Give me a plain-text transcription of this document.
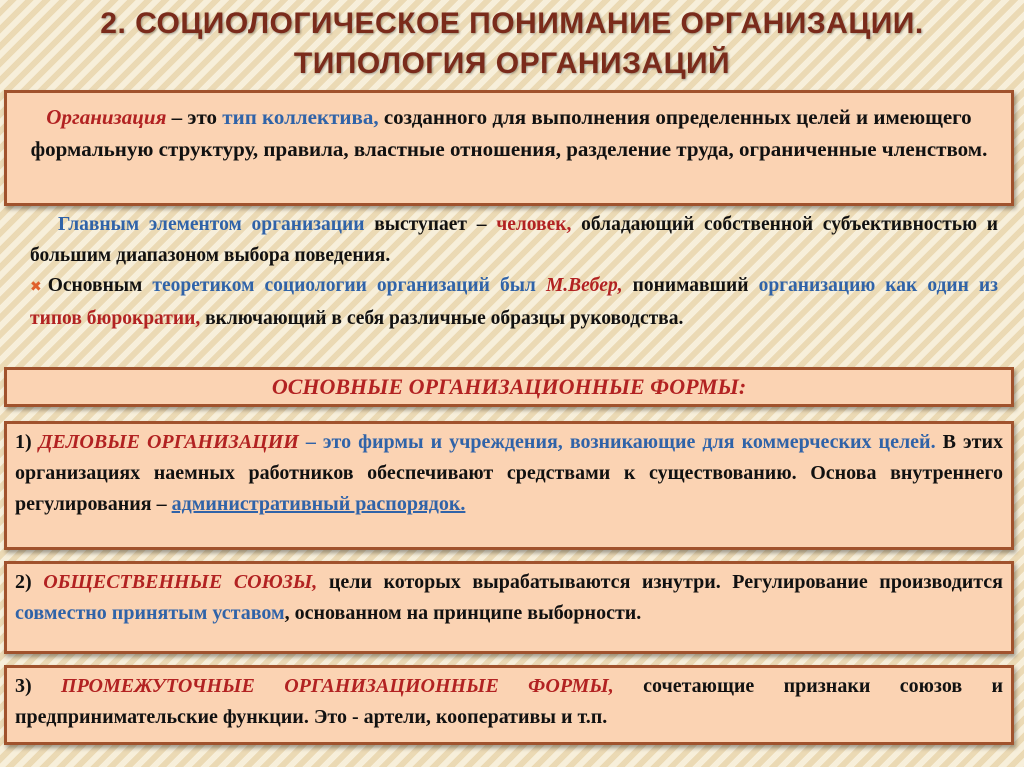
2. СОЦИОЛОГИЧЕСКОЕ ПОНИМАНИЕ ОРГАНИЗАЦИИ.
ТИПОЛОГИЯ ОРГАНИЗАЦИЙ
Организация – это тип коллектива, созданного для выполнения определенных целей и имеющего формальную структуру, правила, властные отношения, разделение труда, ограниченные членством.
Главным элементом организации выступает – человек, обладающий собственной субъективностью и большим диапазоном выбора поведения.
✖ Основным теоретиком социологии организаций был М.Вебер, понимавший организацию как один из типов бюрократии, включающий в себя различные образцы руководства.
ОСНОВНЫЕ ОРГАНИЗАЦИОННЫЕ ФОРМЫ:
1) ДЕЛОВЫЕ ОРГАНИЗАЦИИ – это фирмы и учреждения, возникающие для коммерческих целей. В этих организациях наемных работников обеспечивают средствами к существованию. Основа внутреннего регулирования – административный распорядок.
2) ОБЩЕСТВЕННЫЕ СОЮЗЫ, цели которых вырабатываются изнутри. Регулирование производится совместно принятым уставом, основанном на принципе выборности.
3) ПРОМЕЖУТОЧНЫЕ ОРГАНИЗАЦИОННЫЕ ФОРМЫ, сочетающие признаки союзов и предпринимательские функции. Это - артели, кооперативы и т.п.
